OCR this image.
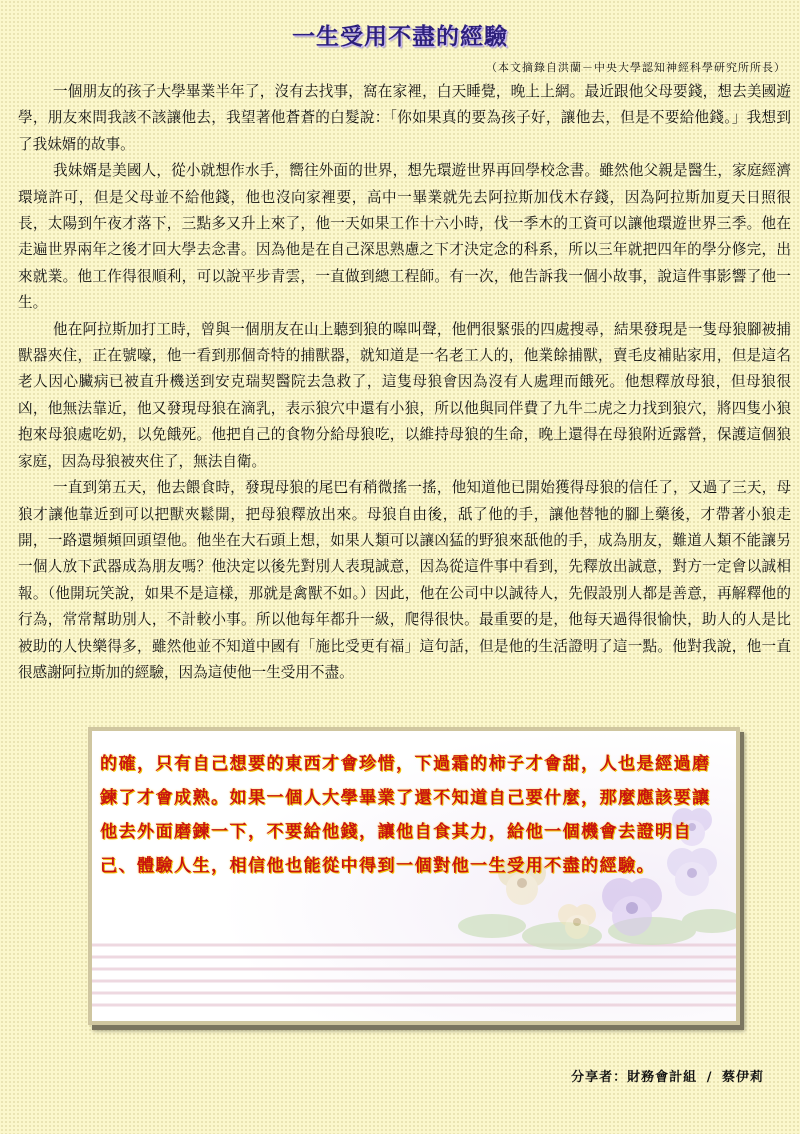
一生受用不盡的經驗
（本文摘錄自洪蘭－中央大學認知神經科學研究所所長）

一個朋友的孩子大學畢業半年了，沒有去找事，窩在家裡，白天睡覺，晚上上網。最近跟他父母要錢，想去美國遊學，朋友來問我該不該讓他去，我望著他蒼蒼的白髮說：「你如果真的要為孩子好，讓他去，但是不要給他錢。」我想到了我妹婿的故事。

我妹婿是美國人，從小就想作水手，嚮往外面的世界，想先環遊世界再回學校念書。雖然他父親是醫生，家庭經濟環境許可，但是父母並不給他錢，他也沒向家裡要，高中一畢業就先去阿拉斯加伐木存錢，因為阿拉斯加夏天日照很長，太陽到午夜才落下，三點多又升上來了，他一天如果工作十六小時，伐一季木的工資可以讓他環遊世界三季。他在走遍世界兩年之後才回大學去念書。因為他是在自己深思熟慮之下才決定念的科系，所以三年就把四年的學分修完，出來就業。他工作得很順利，可以說平步青雲，一直做到總工程師。有一次，他告訴我一個小故事，說這件事影響了他一生。

他在阿拉斯加打工時，曾與一個朋友在山上聽到狼的嗥叫聲，他們很緊張的四處搜尋，結果發現是一隻母狼腳被捕獸器夾住，正在號嚎，他一看到那個奇特的捕獸器，就知道是一名老工人的，他業餘捕獸，賣毛皮補貼家用，但是這名老人因心臟病已被直升機送到安克瑞契醫院去急救了，這隻母狼會因為沒有人處理而餓死。他想釋放母狼，但母狼很凶，他無法靠近，他又發現母狼在滴乳，表示狼穴中還有小狼，所以他與同伴費了九牛二虎之力找到狼穴，將四隻小狼抱來母狼處吃奶，以免餓死。他把自己的食物分給母狼吃，以維持母狼的生命，晚上還得在母狼附近露營，保護這個狼家庭，因為母狼被夾住了，無法自衛。

一直到第五天，他去餵食時，發現母狼的尾巴有稍微搖一搖，他知道他已開始獲得母狼的信任了，又過了三天，母狼才讓他靠近到可以把獸夾鬆開，把母狼釋放出來。母狼自由後，舐了他的手，讓他替牠的腳上藥後，才帶著小狼走開，一路還頻頻回頭望他。他坐在大石頭上想，如果人類可以讓凶猛的野狼來舐他的手，成為朋友，難道人類不能讓另一個人放下武器成為朋友嗎？他決定以後先對別人表現誠意，因為從這件事中看到，先釋放出誠意，對方一定會以誠相報。（他開玩笑說，如果不是這樣，那就是禽獸不如。）因此，他在公司中以誠待人，先假設別人都是善意，再解釋他的行為，常常幫助別人，不計較小事。所以他每年都升一級，爬得很快。最重要的是，他每天過得很愉快，助人的人是比被助的人快樂得多，雖然他並不知道中國有「施比受更有福」這句話，但是他的生活證明了這一點。他對我說，他一直很感謝阿拉斯加的經驗，因為這使他一生受用不盡。

的確，只有自己想要的東西才會珍惜，下過霜的柿子才會甜，人也是經過磨鍊了才會成熟。如果一個人大學畢業了還不知道自己要什麼，那麼應該要讓他去外面磨鍊一下，不要給他錢，讓他自食其力，給他一個機會去證明自己、體驗人生，相信他也能從中得到一個對他一生受用不盡的經驗。
分享者：財務會計組 / 蔡伊莉
